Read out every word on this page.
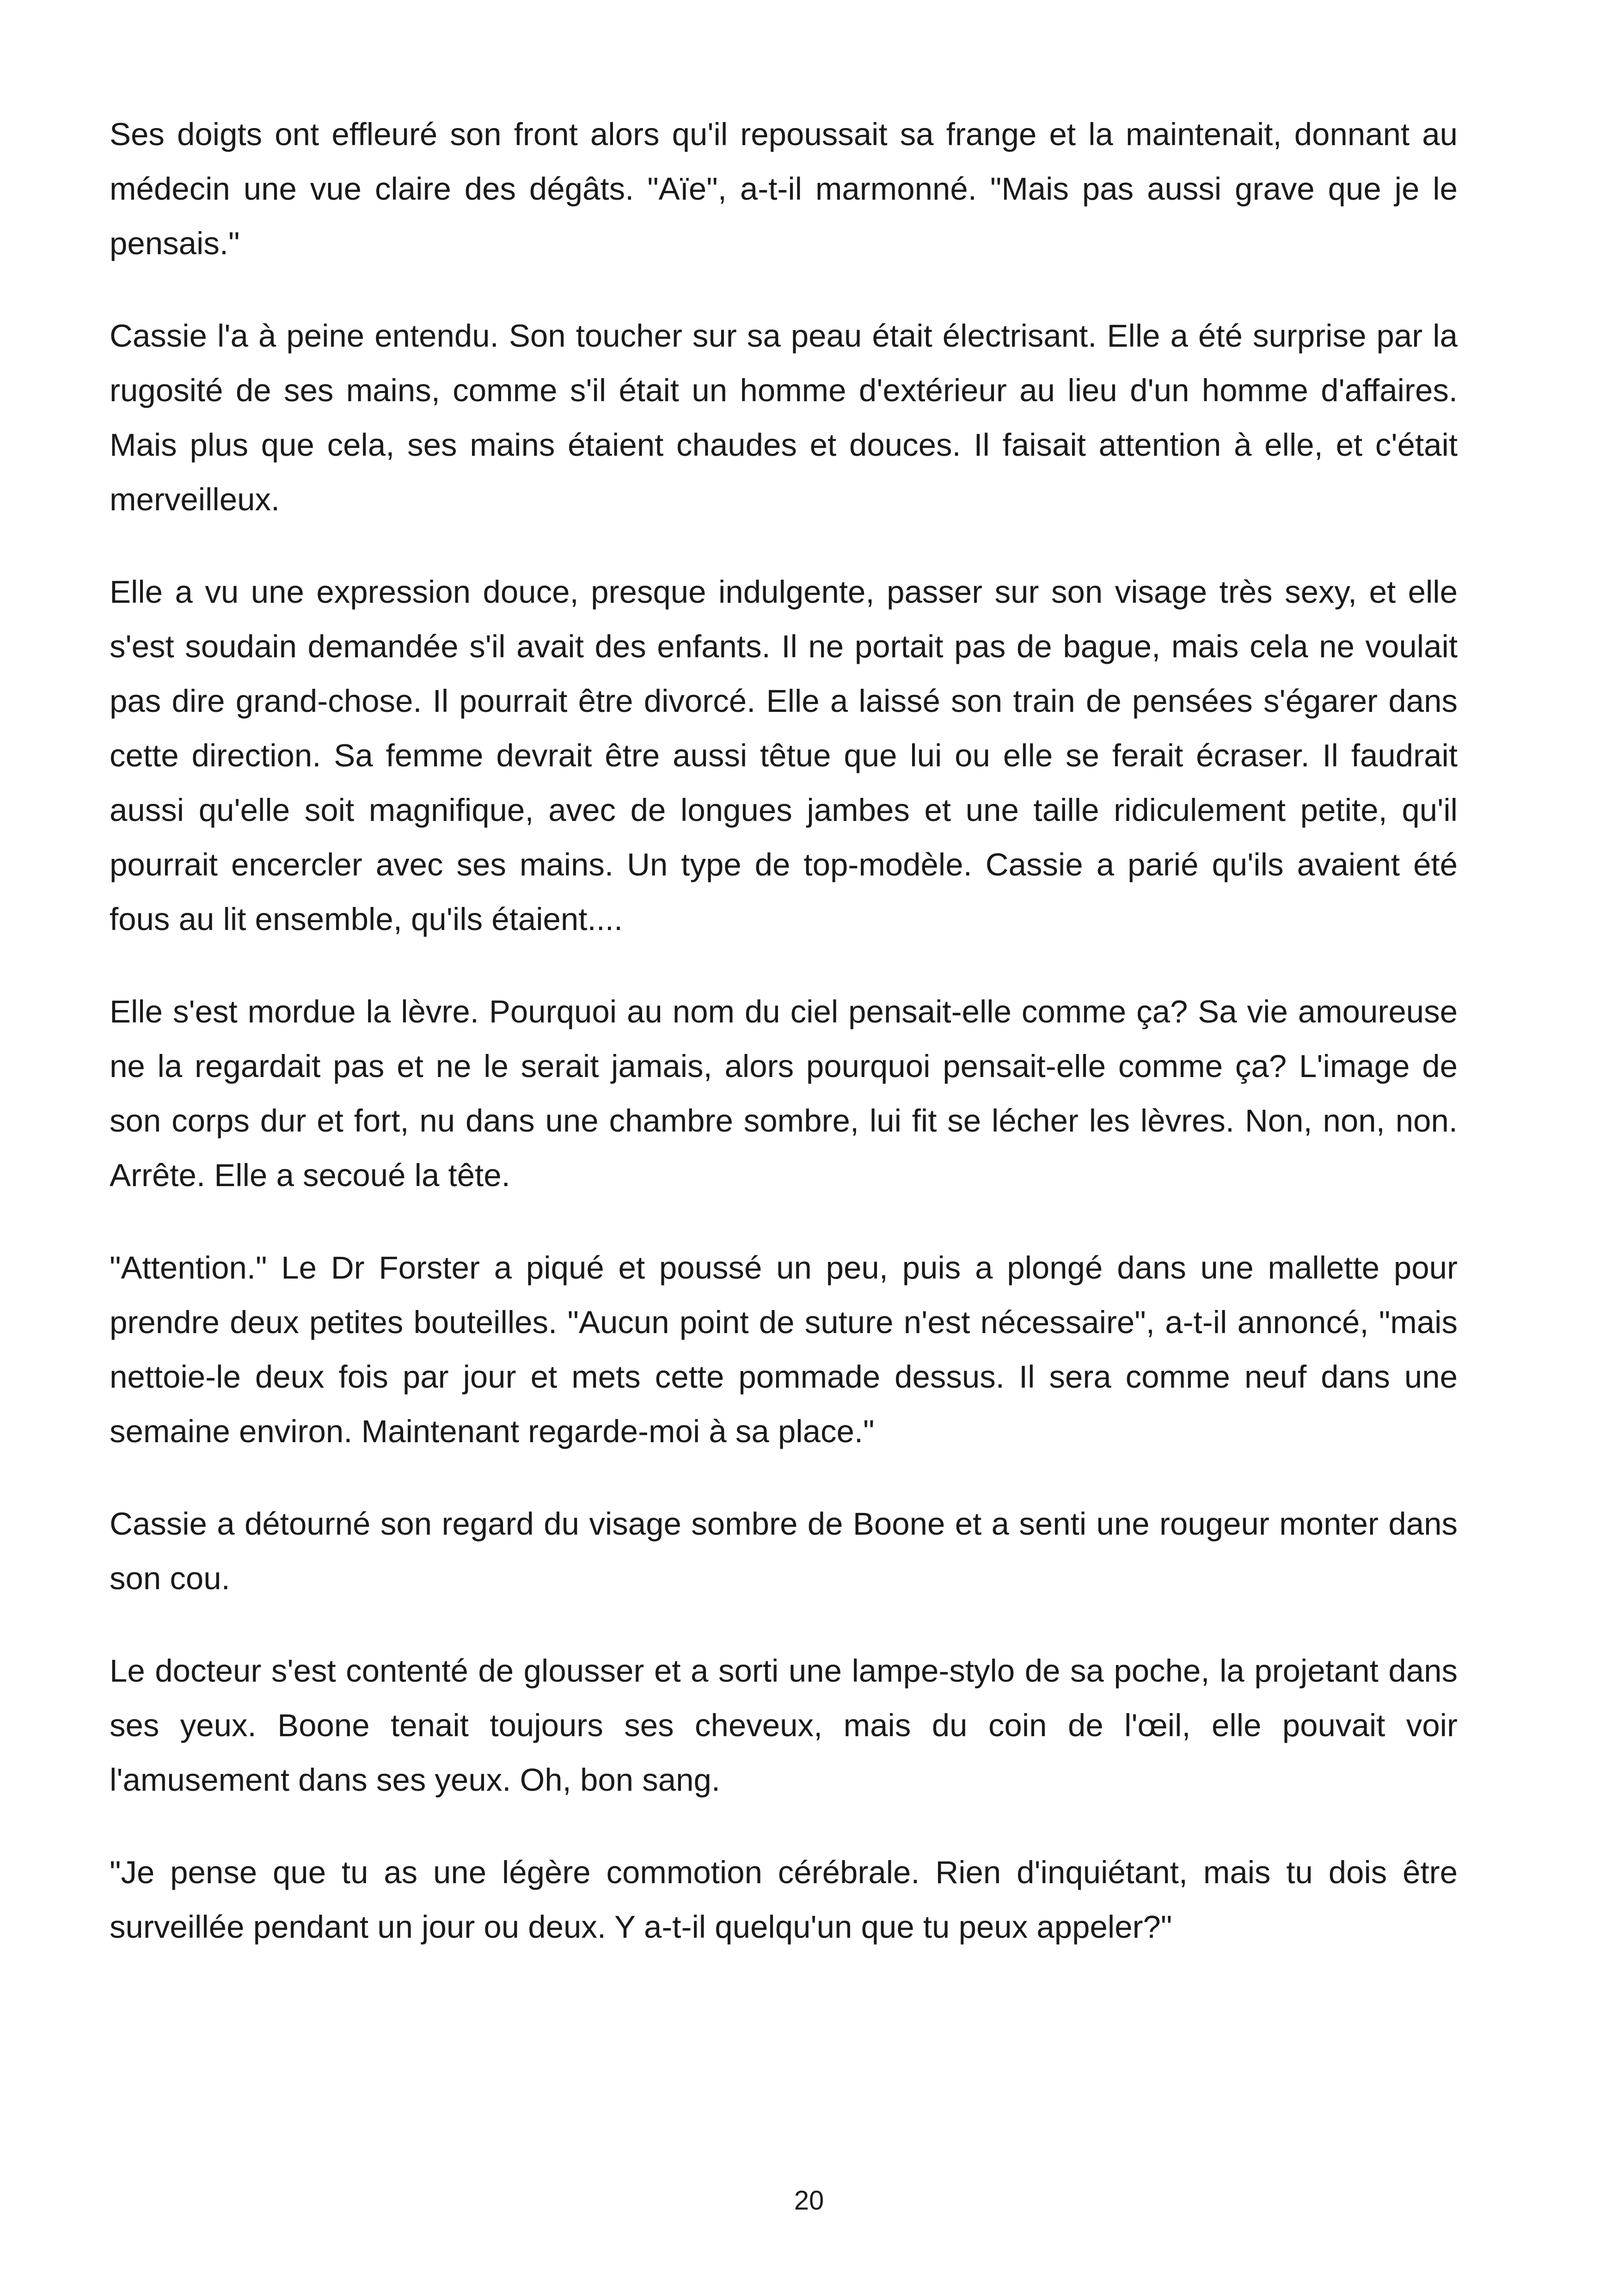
Ses doigts ont effleuré son front alors qu'il repoussait sa frange et la maintenait, donnant au médecin une vue claire des dégâts. "Aïe", a-t-il marmonné. "Mais pas aussi grave que je le pensais."

Cassie l'a à peine entendu. Son toucher sur sa peau était électrisant. Elle a été surprise par la rugosité de ses mains, comme s'il était un homme d'extérieur au lieu d'un homme d'affaires. Mais plus que cela, ses mains étaient chaudes et douces. Il faisait attention à elle, et c'était merveilleux.

Elle a vu une expression douce, presque indulgente, passer sur son visage très sexy, et elle s'est soudain demandée s'il avait des enfants. Il ne portait pas de bague, mais cela ne voulait pas dire grand-chose. Il pourrait être divorcé. Elle a laissé son train de pensées s'égarer dans cette direction. Sa femme devrait être aussi têtue que lui ou elle se ferait écraser. Il faudrait aussi qu'elle soit magnifique, avec de longues jambes et une taille ridiculement petite, qu'il pourrait encercler avec ses mains. Un type de top-modèle. Cassie a parié qu'ils avaient été fous au lit ensemble, qu'ils étaient....

Elle s'est mordue la lèvre. Pourquoi au nom du ciel pensait-elle comme ça? Sa vie amoureuse ne la regardait pas et ne le serait jamais, alors pourquoi pensait-elle comme ça? L'image de son corps dur et fort, nu dans une chambre sombre, lui fit se lécher les lèvres. Non, non, non. Arrête. Elle a secoué la tête.

"Attention." Le Dr Forster a piqué et poussé un peu, puis a plongé dans une mallette pour prendre deux petites bouteilles. "Aucun point de suture n'est nécessaire", a-t-il annoncé, "mais nettoie-le deux fois par jour et mets cette pommade dessus. Il sera comme neuf dans une semaine environ. Maintenant regarde-moi à sa place."

Cassie a détourné son regard du visage sombre de Boone et a senti une rougeur monter dans son cou.

Le docteur s'est contenté de glousser et a sorti une lampe-stylo de sa poche, la projetant dans ses yeux. Boone tenait toujours ses cheveux, mais du coin de l'œil, elle pouvait voir l'amusement dans ses yeux. Oh, bon sang.

"Je pense que tu as une légère commotion cérébrale. Rien d'inquiétant, mais tu dois être surveillée pendant un jour ou deux. Y a-t-il quelqu'un que tu peux appeler?"

20
